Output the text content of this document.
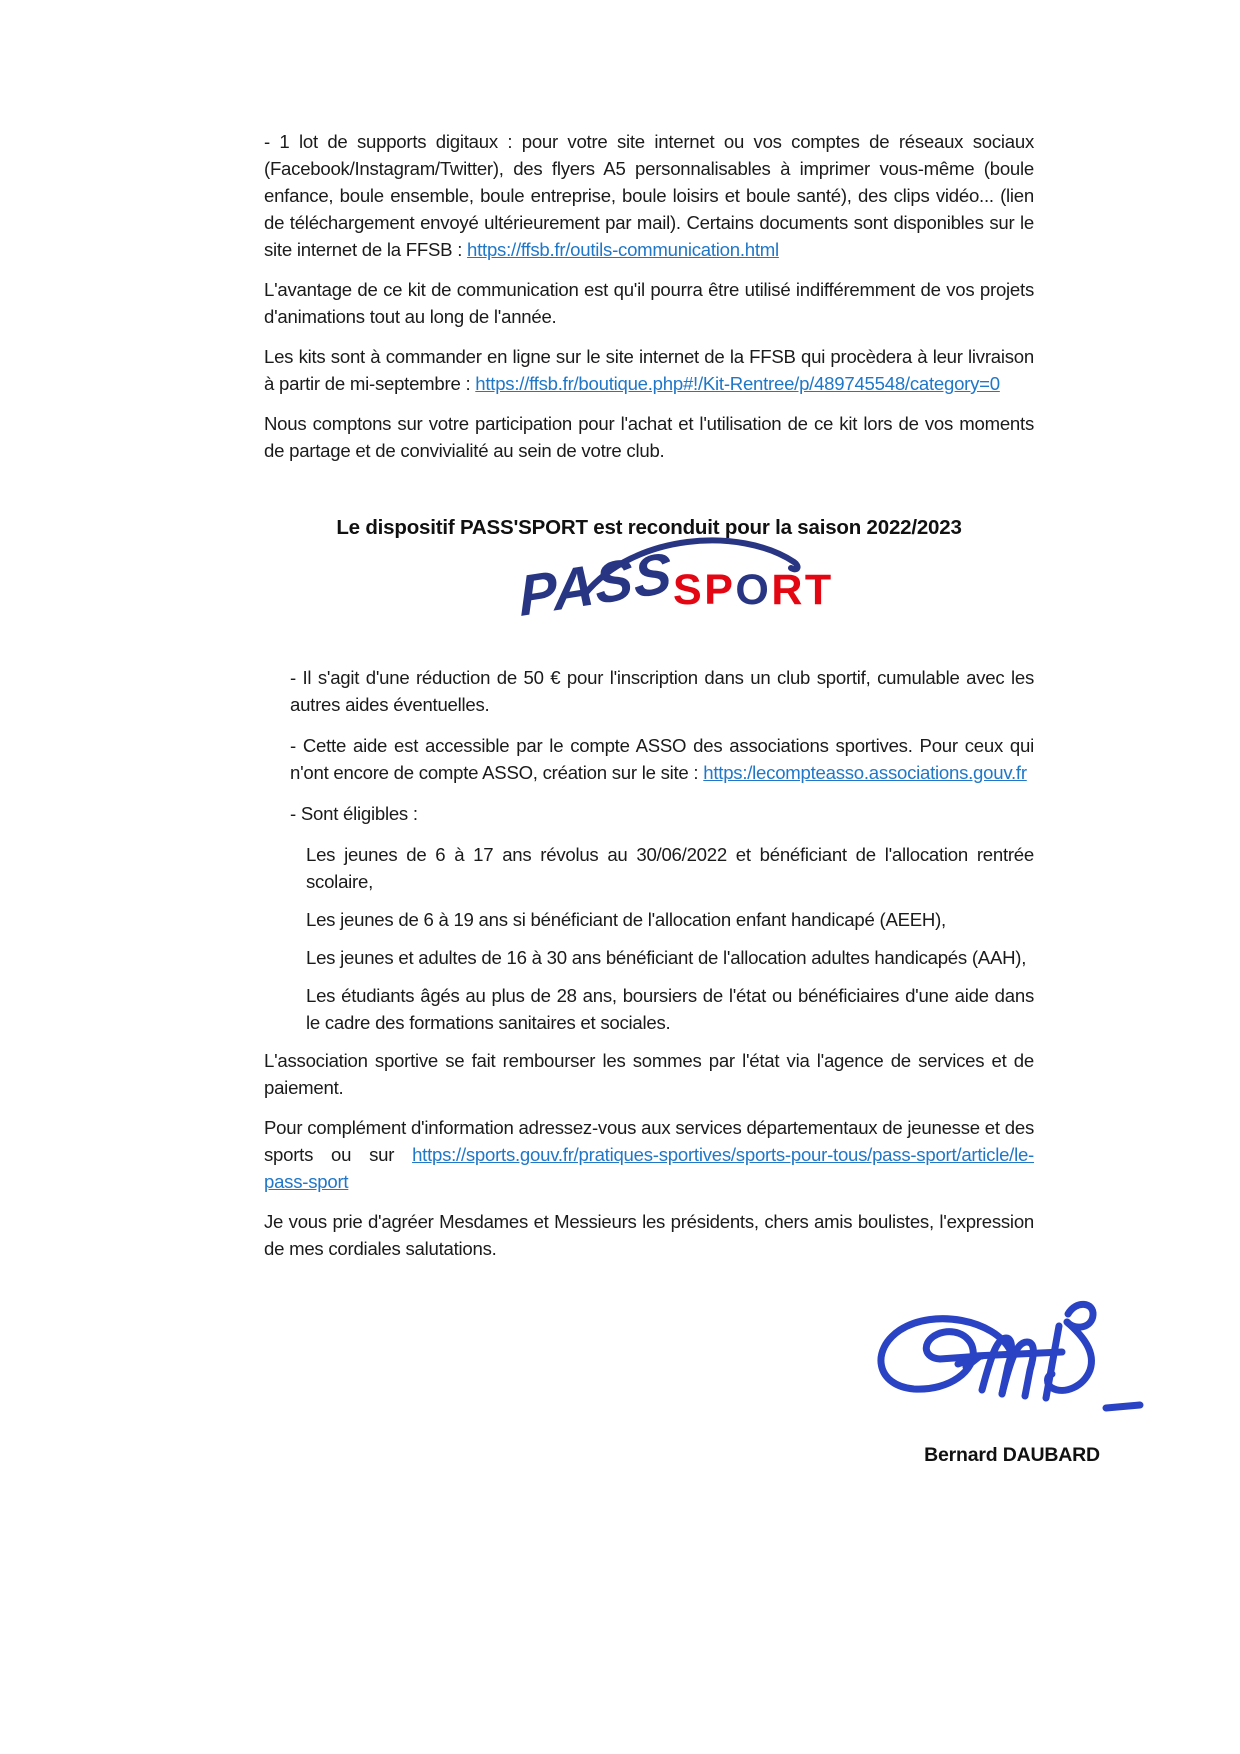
- 1 lot de supports digitaux : pour votre site internet ou vos comptes de réseaux sociaux (Facebook/Instagram/Twitter), des flyers A5 personnalisables à imprimer vous-même (boule enfance, boule ensemble, boule entreprise, boule loisirs et boule santé), des clips vidéo... (lien de téléchargement envoyé ultérieurement par mail). Certains documents sont disponibles sur le site internet de la FFSB : https://ffsb.fr/outils-communication.html

L'avantage de ce kit de communication est qu'il pourra être utilisé indifféremment de vos projets d'animations tout au long de l'année.

Les kits sont à commander en ligne sur le site internet de la FFSB qui procèdera à leur livraison à partir de mi-septembre : https://ffsb.fr/boutique.php#!/Kit-Rentree/p/489745548/category=0

Nous comptons sur votre participation pour l'achat et l'utilisation de ce kit lors de vos moments de partage et de convivialité au sein de votre club.

Le dispositif PASS'SPORT est reconduit pour la saison 2022/2023
PASS
SPORT

- Il s'agit d'une réduction de 50 € pour l'inscription dans un club sportif, cumulable avec les autres aides éventuelles.

- Cette aide est accessible par le compte ASSO des associations sportives. Pour ceux qui n'ont encore de compte ASSO, création sur le site : https:/lecompteasso.associations.gouv.fr

- Sont éligibles :

Les jeunes de 6 à 17 ans révolus au 30/06/2022 et bénéficiant de l'allocation rentrée scolaire,

Les jeunes de 6 à 19 ans si bénéficiant de l'allocation enfant handicapé (AEEH),

Les jeunes et adultes de 16 à 30 ans bénéficiant de l'allocation adultes handicapés (AAH),

Les étudiants âgés au plus de 28 ans, boursiers de l'état ou bénéficiaires d'une aide dans le cadre des formations sanitaires et sociales.

L'association sportive se fait rembourser les sommes par l'état via l'agence de services et de paiement.

Pour complément d'information adressez-vous aux services départementaux de jeunesse et des sports ou sur https://sports.gouv.fr/pratiques-sportives/sports-pour-tous/pass-sport/article/le-pass-sport

Je vous prie d'agréer Mesdames et Messieurs les présidents, chers amis boulistes, l'expression de mes cordiales salutations.

Bernard DAUBARD
